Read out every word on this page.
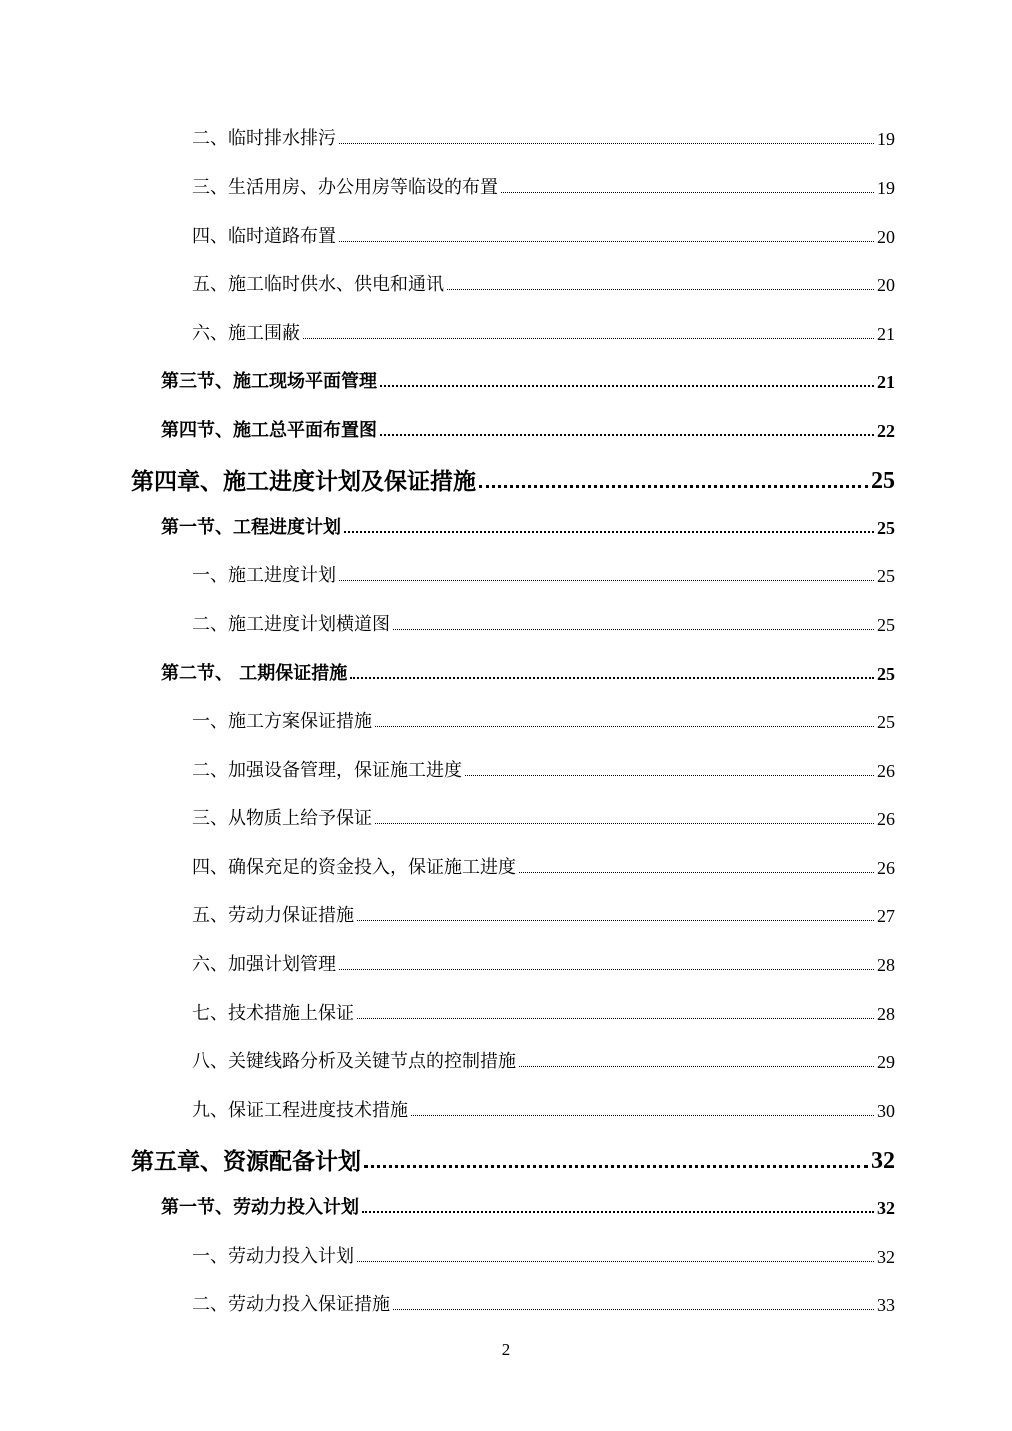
二、临时排水排污	19
三、生活用房、办公用房等临设的布置	19
四、临时道路布置	20
五、施工临时供水、供电和通讯	20
六、施工围蔽	21
第三节、施工现场平面管理	21
第四节、施工总平面布置图	22
第四章、施工进度计划及保证措施	25
第一节、工程进度计划	25
一、施工进度计划	25
二、施工进度计划横道图	25
第二节、 工期保证措施	25
一、施工方案保证措施	25
二、加强设备管理，保证施工进度	26
三、从物质上给予保证	26
四、确保充足的资金投入，保证施工进度	26
五、劳动力保证措施	27
六、加强计划管理	28
七、技术措施上保证	28
八、关键线路分析及关键节点的控制措施	29
九、保证工程进度技术措施	30
第五章、资源配备计划	32
第一节、劳动力投入计划	32
一、劳动力投入计划	32
二、劳动力投入保证措施	33
2
